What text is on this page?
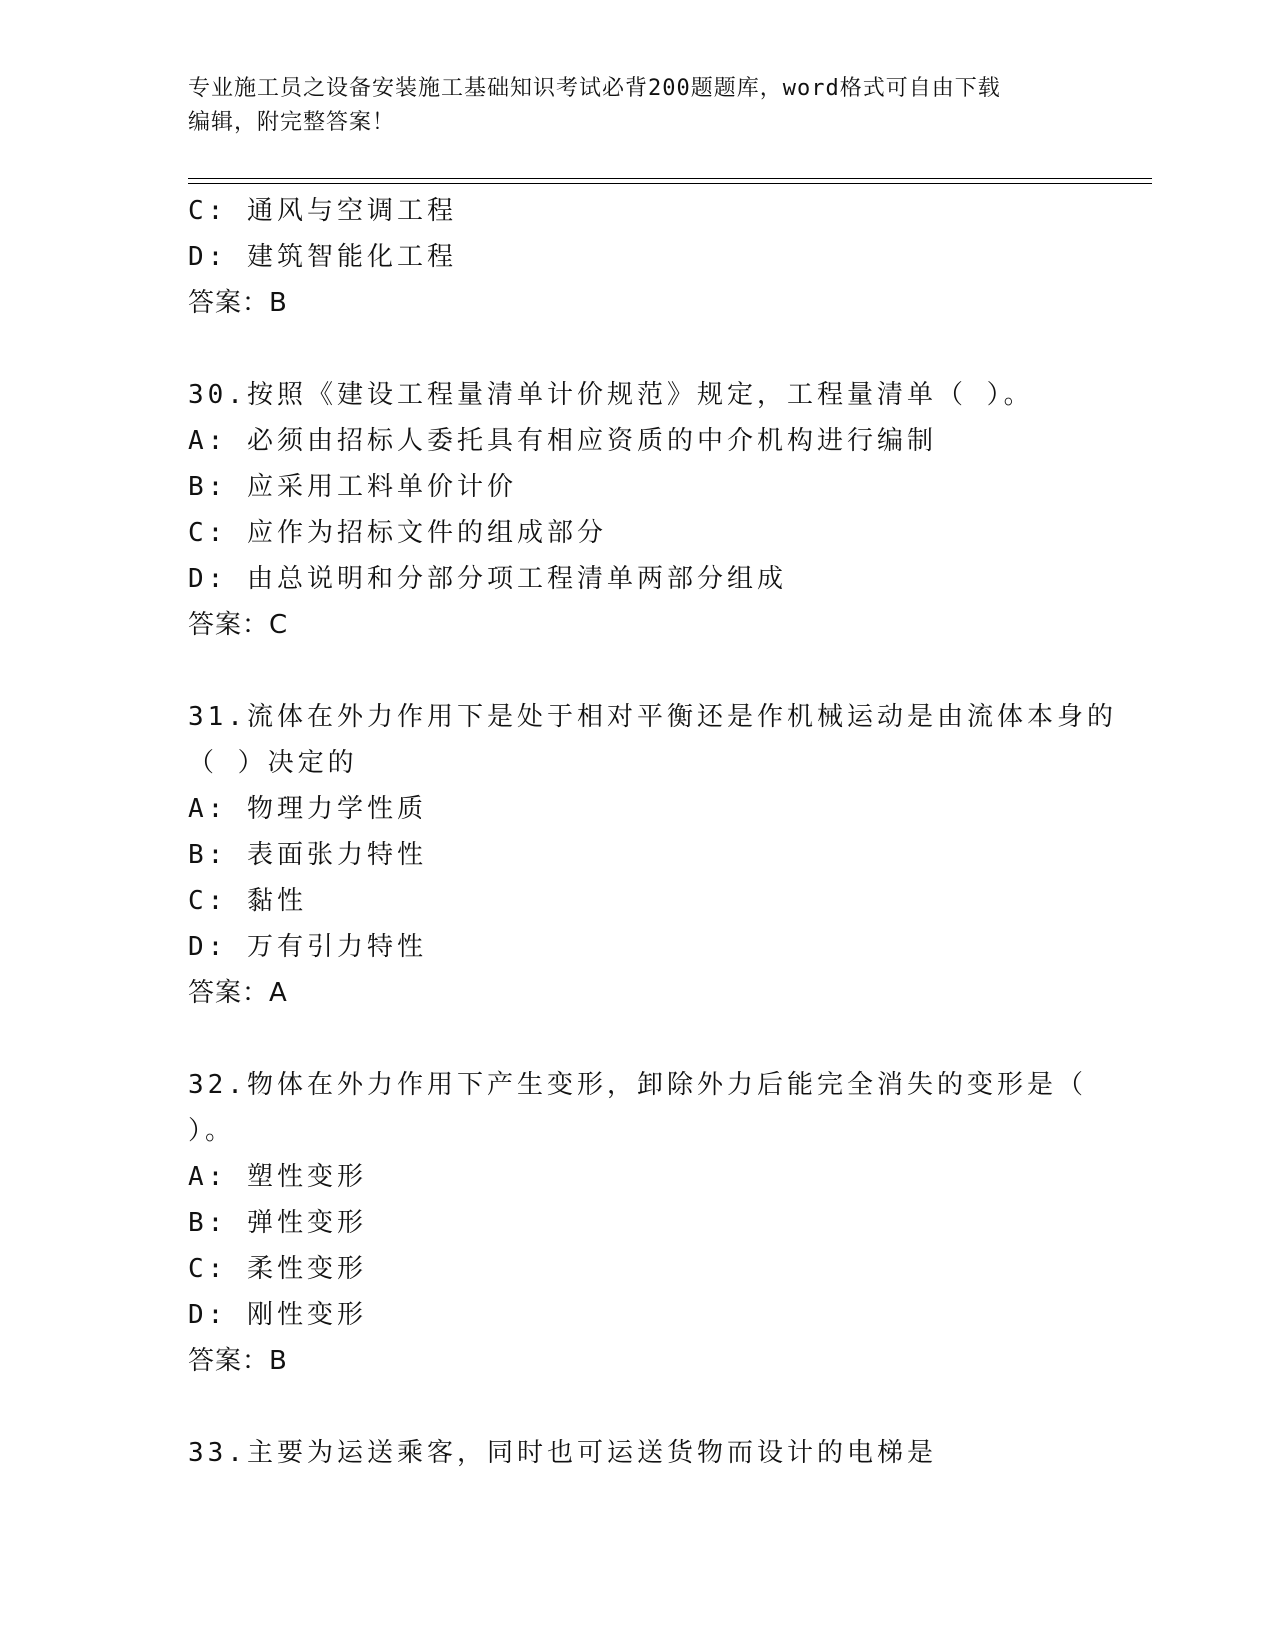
专业施工员之设备安装施工基础知识考试必背200题题库，word格式可自由下载
编辑，附完整答案！
C: 通风与空调工程
D: 建筑智能化工程
答案：B
30.按照《建设工程量清单计价规范》规定，工程量清单（ ）。
A: 必须由招标人委托具有相应资质的中介机构进行编制
B: 应采用工料单价计价
C: 应作为招标文件的组成部分
D: 由总说明和分部分项工程清单两部分组成
答案：C
31.流体在外力作用下是处于相对平衡还是作机械运动是由流体本身的
（ ）决定的
A: 物理力学性质
B: 表面张力特性
C: 黏性
D: 万有引力特性
答案：A
32.物体在外力作用下产生变形，卸除外力后能完全消失的变形是（
）。
A: 塑性变形
B: 弹性变形
C: 柔性变形
D: 刚性变形
答案：B
33.主要为运送乘客，同时也可运送货物而设计的电梯是
